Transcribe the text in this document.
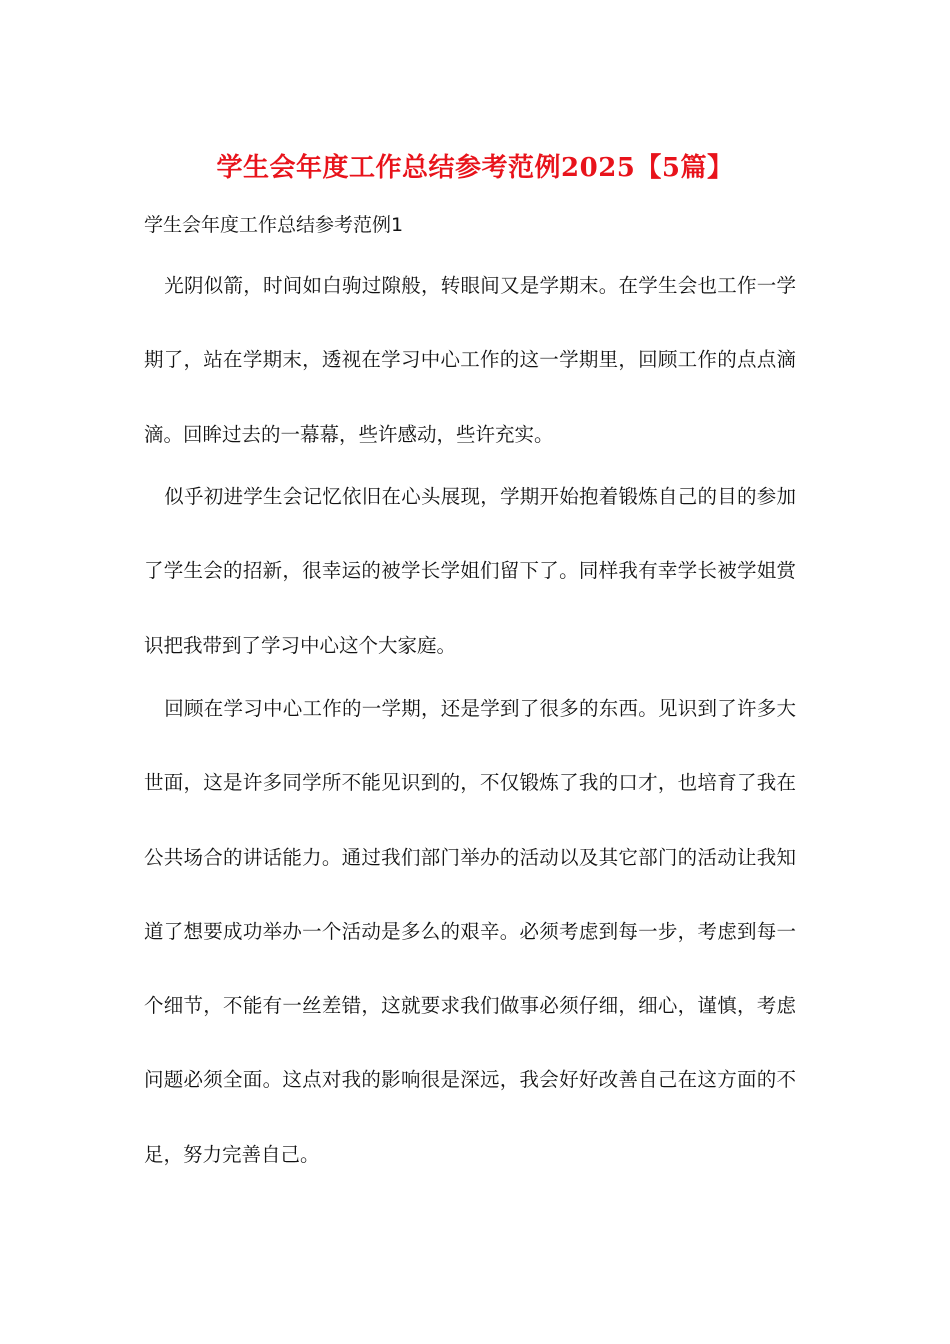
学生会年度工作总结参考范例2025【5篇】
学生会年度工作总结参考范例1
光阴似箭，时间如白驹过隙般，转眼间又是学期末。在学生会也工作一学期了，站在学期末，透视在学习中心工作的这一学期里，回顾工作的点点滴滴。回眸过去的一幕幕，些许感动，些许充实。
似乎初进学生会记忆依旧在心头展现，学期开始抱着锻炼自己的目的参加了学生会的招新，很幸运的被学长学姐们留下了。同样我有幸学长被学姐赏识把我带到了学习中心这个大家庭。
回顾在学习中心工作的一学期，还是学到了很多的东西。见识到了许多大世面，这是许多同学所不能见识到的，不仅锻炼了我的口才，也培育了我在公共场合的讲话能力。通过我们部门举办的活动以及其它部门的活动让我知道了想要成功举办一个活动是多么的艰辛。必须考虑到每一步，考虑到每一个细节，不能有一丝差错，这就要求我们做事必须仔细，细心，谨慎，考虑问题必须全面。这点对我的影响很是深远，我会好好改善自己在这方面的不足，努力完善自己。
